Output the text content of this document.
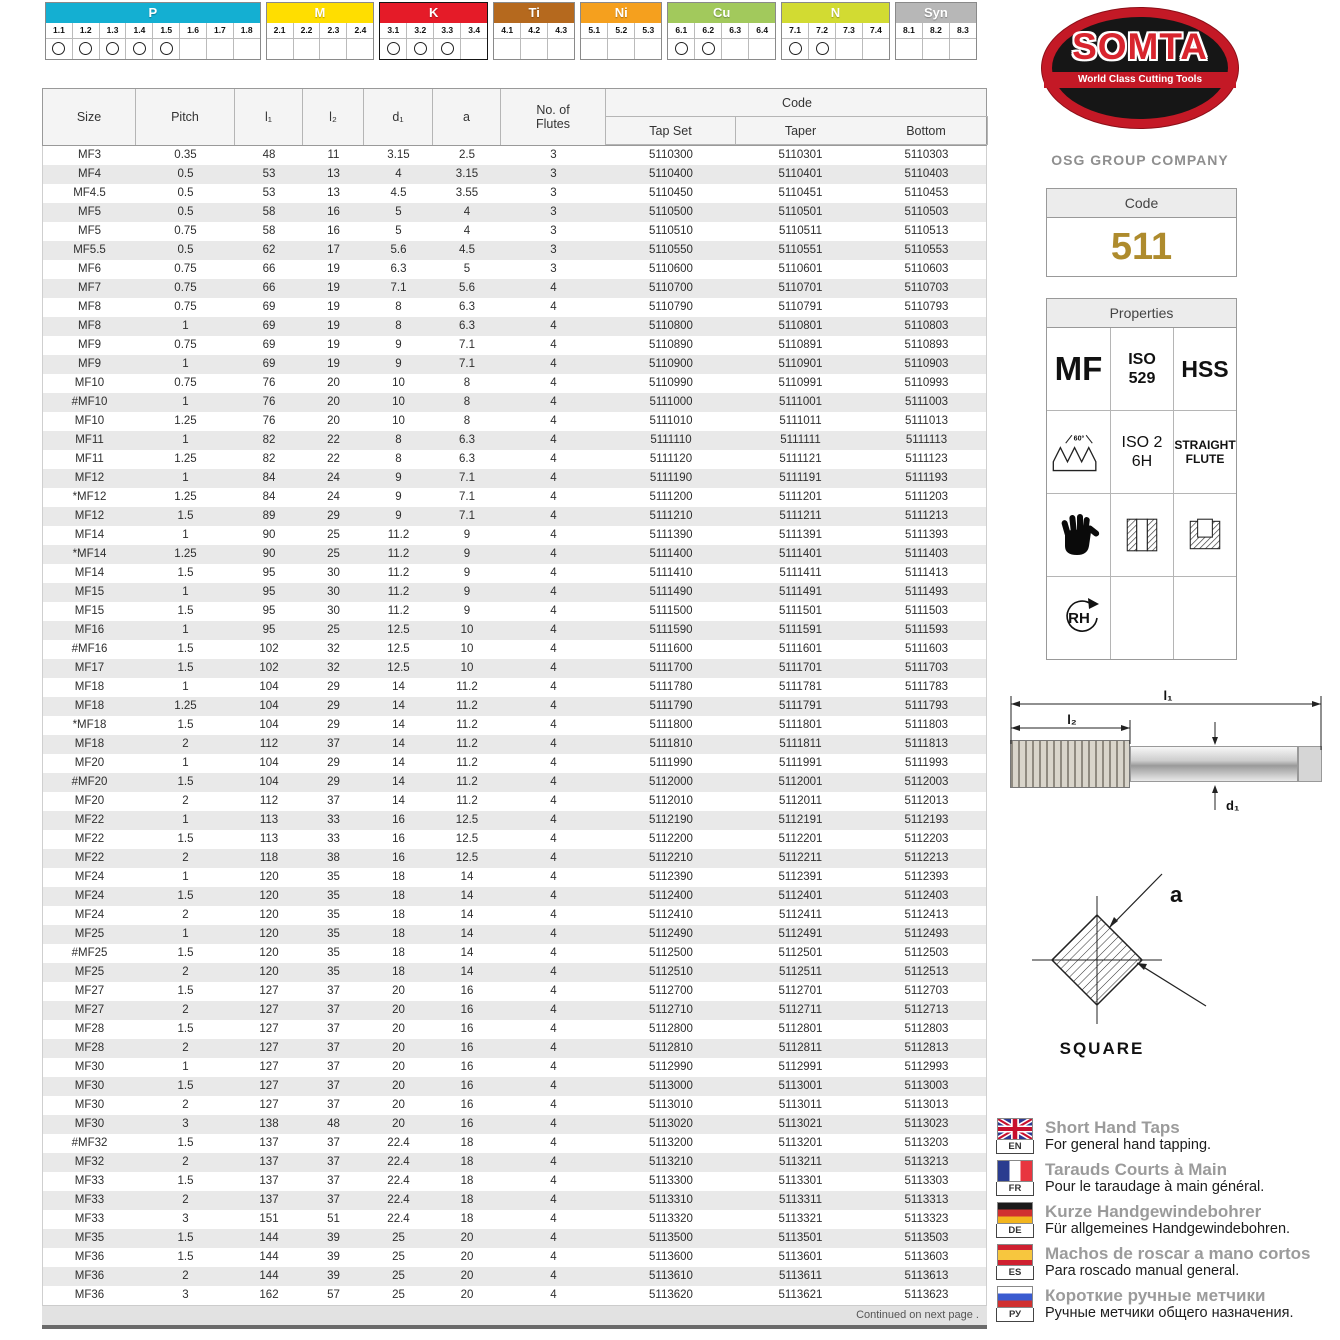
P
1.1	1.2	1.3	1.4	1.5	1.6	1.7	1.8
M
2.1	2.2	2.3	2.4
K
3.1	3.2	3.3	3.4
Ti
4.1	4.2	4.3
Ni
5.1	5.2	5.3
Cu
6.1	6.2	6.3	6.4
N
7.1	7.2	7.3	7.4
Syn
8.1	8.2	8.3
Size	Pitch	l₁	l₂	d₁	a	No. of Flutes
Code
Tap Set	Taper	Bottom
MF3	0.35	48	11	3.15	2.5	3	5110300	5110301	5110303
MF4	0.5	53	13	4	3.15	3	5110400	5110401	5110403
MF4.5	0.5	53	13	4.5	3.55	3	5110450	5110451	5110453
MF5	0.5	58	16	5	4	3	5110500	5110501	5110503
MF5	0.75	58	16	5	4	3	5110510	5110511	5110513
MF5.5	0.5	62	17	5.6	4.5	3	5110550	5110551	5110553
MF6	0.75	66	19	6.3	5	3	5110600	5110601	5110603
MF7	0.75	66	19	7.1	5.6	4	5110700	5110701	5110703
MF8	0.75	69	19	8	6.3	4	5110790	5110791	5110793
MF8	1	69	19	8	6.3	4	5110800	5110801	5110803
MF9	0.75	69	19	9	7.1	4	5110890	5110891	5110893
MF9	1	69	19	9	7.1	4	5110900	5110901	5110903
MF10	0.75	76	20	10	8	4	5110990	5110991	5110993
#MF10	1	76	20	10	8	4	5111000	5111001	5111003
MF10	1.25	76	20	10	8	4	5111010	5111011	5111013
MF11	1	82	22	8	6.3	4	5111110	5111111	5111113
MF11	1.25	82	22	8	6.3	4	5111120	5111121	5111123
MF12	1	84	24	9	7.1	4	5111190	5111191	5111193
*MF12	1.25	84	24	9	7.1	4	5111200	5111201	5111203
MF12	1.5	89	29	9	7.1	4	5111210	5111211	5111213
MF14	1	90	25	11.2	9	4	5111390	5111391	5111393
*MF14	1.25	90	25	11.2	9	4	5111400	5111401	5111403
MF14	1.5	95	30	11.2	9	4	5111410	5111411	5111413
MF15	1	95	30	11.2	9	4	5111490	5111491	5111493
MF15	1.5	95	30	11.2	9	4	5111500	5111501	5111503
MF16	1	95	25	12.5	10	4	5111590	5111591	5111593
#MF16	1.5	102	32	12.5	10	4	5111600	5111601	5111603
MF17	1.5	102	32	12.5	10	4	5111700	5111701	5111703
MF18	1	104	29	14	11.2	4	5111780	5111781	5111783
MF18	1.25	104	29	14	11.2	4	5111790	5111791	5111793
*MF18	1.5	104	29	14	11.2	4	5111800	5111801	5111803
MF18	2	112	37	14	11.2	4	5111810	5111811	5111813
MF20	1	104	29	14	11.2	4	5111990	5111991	5111993
#MF20	1.5	104	29	14	11.2	4	5112000	5112001	5112003
MF20	2	112	37	14	11.2	4	5112010	5112011	5112013
MF22	1	113	33	16	12.5	4	5112190	5112191	5112193
MF22	1.5	113	33	16	12.5	4	5112200	5112201	5112203
MF22	2	118	38	16	12.5	4	5112210	5112211	5112213
MF24	1	120	35	18	14	4	5112390	5112391	5112393
MF24	1.5	120	35	18	14	4	5112400	5112401	5112403
MF24	2	120	35	18	14	4	5112410	5112411	5112413
MF25	1	120	35	18	14	4	5112490	5112491	5112493
#MF25	1.5	120	35	18	14	4	5112500	5112501	5112503
MF25	2	120	35	18	14	4	5112510	5112511	5112513
MF27	1.5	127	37	20	16	4	5112700	5112701	5112703
MF27	2	127	37	20	16	4	5112710	5112711	5112713
MF28	1.5	127	37	20	16	4	5112800	5112801	5112803
MF28	2	127	37	20	16	4	5112810	5112811	5112813
MF30	1	127	37	20	16	4	5112990	5112991	5112993
MF30	1.5	127	37	20	16	4	5113000	5113001	5113003
MF30	2	127	37	20	16	4	5113010	5113011	5113013
MF30	3	138	48	20	16	4	5113020	5113021	5113023
#MF32	1.5	137	37	22.4	18	4	5113200	5113201	5113203
MF32	2	137	37	22.4	18	4	5113210	5113211	5113213
MF33	1.5	137	37	22.4	18	4	5113300	5113301	5113303
MF33	2	137	37	22.4	18	4	5113310	5113311	5113313
MF33	3	151	51	22.4	18	4	5113320	5113321	5113323
MF35	1.5	144	39	25	20	4	5113500	5113501	5113503
MF36	1.5	144	39	25	20	4	5113600	5113601	5113603
MF36	2	144	39	25	20	4	5113610	5113611	5113613
MF36	3	162	57	25	20	4	5113620	5113621	5113623
Continued on next page .
SOMTA
World Class Cutting Tools
OSG GROUP COMPANY
Code
511
Properties
MF ISO
529 HSS
60° ISO 2
6H
STRAIGHT
FLUTE
RH
l₁
l₂
d₁
a
SQUARE
EN
Short Hand Taps
For general hand tapping.
FR
Tarauds Courts à Main
Pour le taraudage à main général.
DE
Kurze Handgewindebohrer
Für allgemeines Handgewindebohren.
ES
Machos de roscar a mano cortos
Para roscado manual general.
РУ
Короткие ручные метчики
Ручные метчики общего назначения.
